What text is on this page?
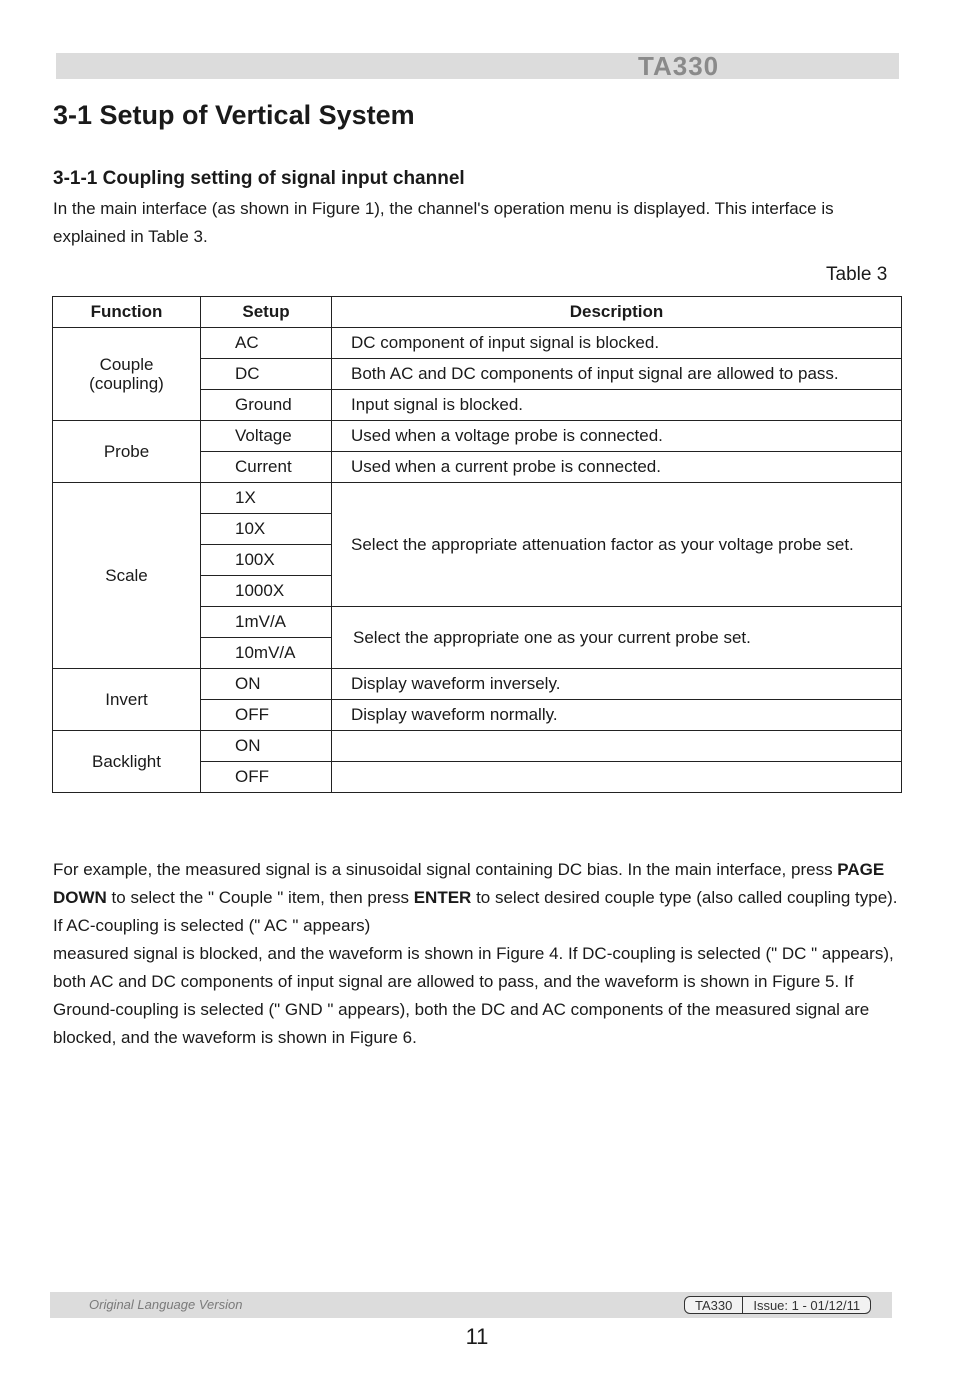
TA330
3-1 Setup of Vertical System
3-1-1 Coupling setting of signal input channel

In the main interface (as shown in Figure 1), the channel's operation menu is displayed. This interface is explained in Table 3.

Table 3
Function	Setup	Description
Couple (coupling)	AC	DC component of input signal is blocked.
	DC	Both AC and DC components of input signal are allowed to pass.
	Ground	Input signal is blocked.
Probe	Voltage	Used when a voltage probe is connected.
	Current	Used when a current probe is connected.
Scale	1X	Select the appropriate attenuation factor as your voltage probe set.
	10X	
	100X	
	1000X	
	1mV/A	Select the appropriate one as your current probe set.
	10mV/A	
Invert	ON	Display waveform inversely.
	OFF	Display waveform normally.
Backlight	ON	
	OFF	
For example, the measured signal is a sinusoidal signal containing DC bias. In the main interface, press PAGE DOWN to select the " Couple " item, then press ENTER to select desired couple type (also called coupling type). If AC-coupling is selected (" AC " appears)
measured signal is blocked, and the waveform is shown in Figure 4. If DC-coupling is selected (" DC " appears), both AC and DC components of input signal are allowed to pass, and the waveform is shown in Figure 5. If Ground-coupling is selected (" GND " appears), both the DC and AC components of the measured signal are blocked, and the waveform is shown in Figure 6.
Original Language Version	TA330	Issue: 1 - 01/12/11
11
